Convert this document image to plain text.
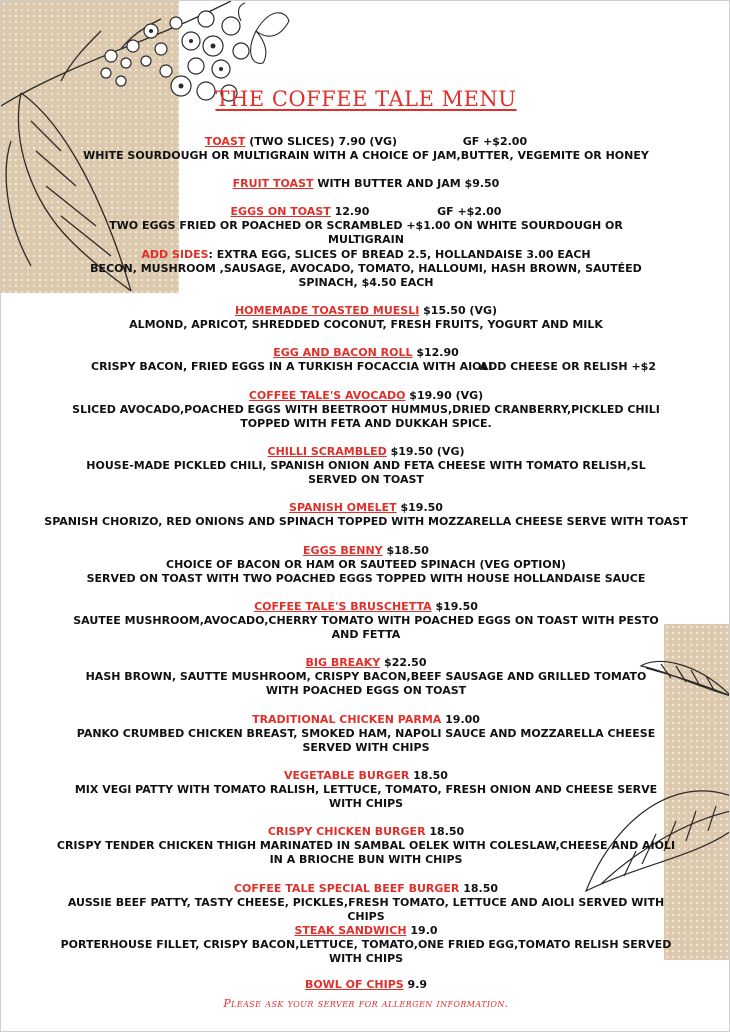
THE COFFEE TALE MENU
TOAST (TWO SLICES) 7.90 (VG)	GF +$2.00
WHITE SOURDOUGH OR MULTIGRAIN WITH A CHOICE OF JAM,BUTTER, VEGEMITE OR HONEY
FRUIT TOAST WITH BUTTER AND JAM $9.50
EGGS ON TOAST 12.90	GF +$2.00
TWO EGGS FRIED OR POACHED OR SCRAMBLED +$1.00 ON WHITE SOURDOUGH OR MULTIGRAIN
ADD SIDES: EXTRA EGG, SLICES OF BREAD 2.5, HOLLANDAISE 3.00 EACH
BECON, MUSHROOM ,SAUSAGE, AVOCADO, TOMATO, HALLOUMI, HASH BROWN, SAUTÉED SPINACH, $4.50 EACH
HOMEMADE TOASTED MUESLI $15.50 (VG)
ALMOND, APRICOT, SHREDDED COCONUT, FRESH FRUITS, YOGURT AND MILK
EGG AND BACON ROLL $12.90
CRISPY BACON, FRIED EGGS IN A TURKISH FOCACCIA WITH AIOLI
ADD CHEESE OR RELISH +$2
COFFEE TALE'S AVOCADO $19.90 (VG)
SLICED AVOCADO,POACHED EGGS WITH BEETROOT HUMMUS,DRIED CRANBERRY,PICKLED CHILI TOPPED WITH FETA AND DUKKAH SPICE.
CHILLI SCRAMBLED $19.50 (VG)
HOUSE-MADE PICKLED CHILI, SPANISH ONION AND FETA CHEESE WITH TOMATO RELISH,SL SERVED ON TOAST
SPANISH OMELET $19.50
SPANISH CHORIZO, RED ONIONS AND SPINACH TOPPED WITH MOZZARELLA CHEESE SERVE WITH TOAST
EGGS BENNY $18.50
CHOICE OF BACON OR HAM OR SAUTEED SPINACH (VEG OPTION)
SERVED ON TOAST WITH TWO POACHED EGGS TOPPED WITH HOUSE HOLLANDAISE SAUCE
COFFEE TALE'S BRUSCHETTA $19.50
SAUTEE MUSHROOM,AVOCADO,CHERRY TOMATO WITH POACHED EGGS ON TOAST WITH PESTO AND FETTA
BIG BREAKY $22.50
HASH BROWN, SAUTTE MUSHROOM, CRISPY BACON,BEEF SAUSAGE AND GRILLED TOMATO WITH POACHED EGGS ON TOAST
TRADITIONAL CHICKEN PARMA 19.00
PANKO CRUMBED CHICKEN BREAST, SMOKED HAM, NAPOLI SAUCE AND MOZZARELLA CHEESE SERVED WITH CHIPS
VEGETABLE BURGER 18.50
MIX VEGI PATTY WITH TOMATO RALISH, LETTUCE, TOMATO, FRESH ONION AND CHEESE SERVE WITH CHIPS
CRISPY CHICKEN BURGER 18.50
CRISPY TENDER CHICKEN THIGH MARINATED IN SAMBAL OELEK WITH COLESLAW,CHEESE AND AIOLI IN A BRIOCHE BUN WITH CHIPS
COFFEE TALE SPECIAL BEEF BURGER 18.50
AUSSIE BEEF PATTY, TASTY CHEESE, PICKLES,FRESH TOMATO, LETTUCE AND AIOLI SERVED WITH CHIPS
STEAK SANDWICH 19.0
PORTERHOUSE FILLET, CRISPY BACON,LETTUCE, TOMATO,ONE FRIED EGG,TOMATO RELISH SERVED WITH CHIPS
BOWL OF CHIPS 9.9
Please ask your server for allergen information.
